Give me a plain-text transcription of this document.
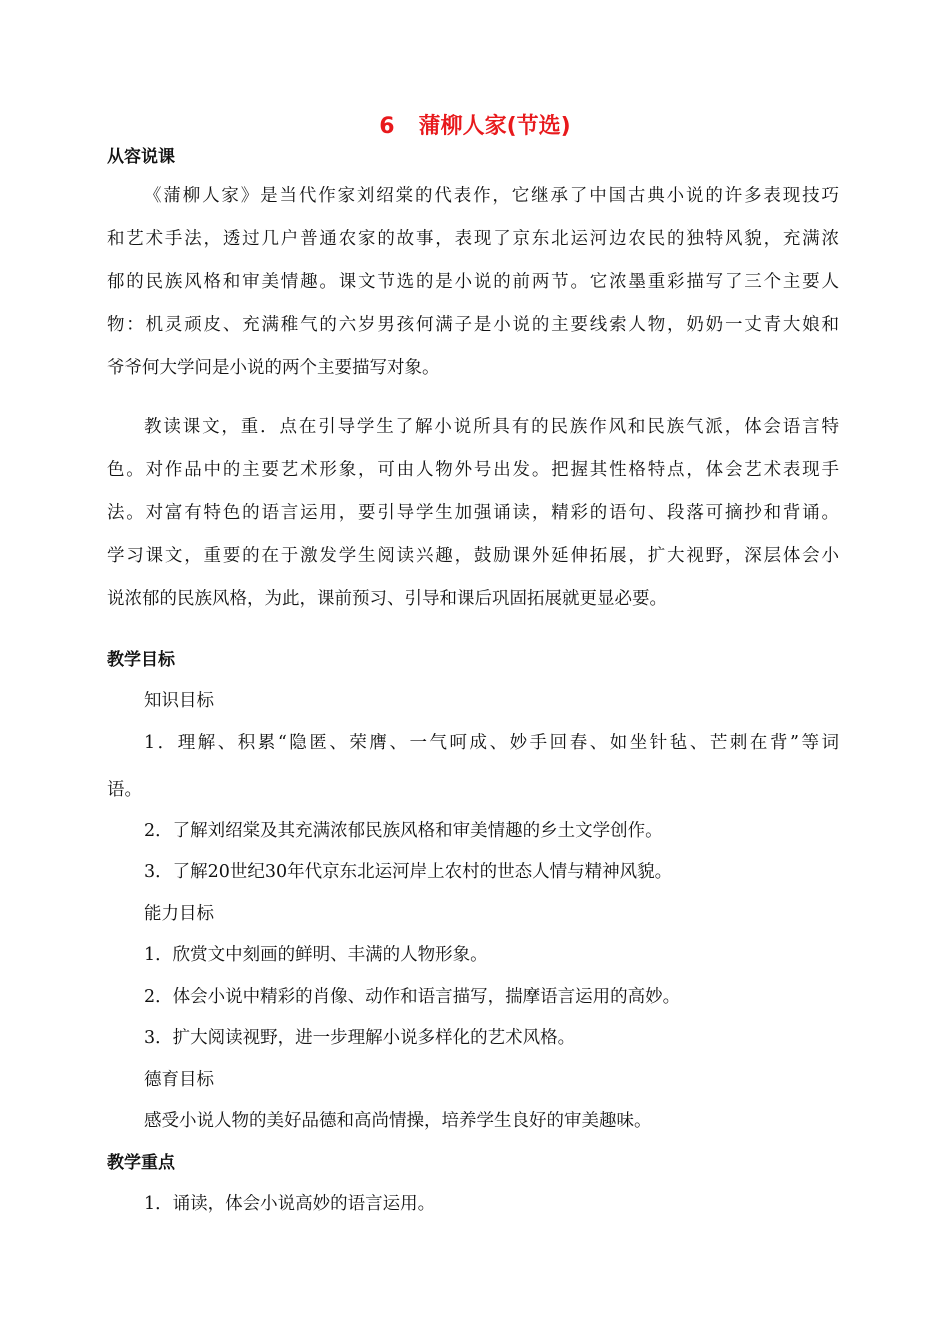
6 蒲柳人家(节选)
从容说课
《蒲柳人家》是当代作家刘绍棠的代表作，它继承了中国古典小说的许多表现技巧
和艺术手法，透过几户普通农家的故事，表现了京东北运河边农民的独特风貌，充满浓
郁的民族风格和审美情趣。课文节选的是小说的前两节。它浓墨重彩描写了三个主要人
物：机灵顽皮、充满稚气的六岁男孩何满子是小说的主要线索人物，奶奶一丈青大娘和
爷爷何大学问是小说的两个主要描写对象。
教读课文，重．点在引导学生了解小说所具有的民族作风和民族气派，体会语言特
色。对作品中的主要艺术形象，可由人物外号出发。把握其性格特点，体会艺术表现手
法。对富有特色的语言运用，要引导学生加强诵读，精彩的语句、段落可摘抄和背诵。
学习课文，重要的在于激发学生阅读兴趣，鼓励课外延伸拓展，扩大视野，深层体会小
说浓郁的民族风格，为此，课前预习、引导和课后巩固拓展就更显必要。
教学目标
知识目标
1．理解、积累“隐匿、荣膺、一气呵成、妙手回春、如坐针毡、芒刺在背”等词
语。
2．了解刘绍棠及其充满浓郁民族风格和审美情趣的乡土文学创作。
3．了解20世纪30年代京东北运河岸上农村的世态人情与精神风貌。
能力目标
1．欣赏文中刻画的鲜明、丰满的人物形象。
2．体会小说中精彩的肖像、动作和语言描写，揣摩语言运用的高妙。
3．扩大阅读视野，进一步理解小说多样化的艺术风格。
德育目标
感受小说人物的美好品德和高尚情操，培养学生良好的审美趣味。
教学重点
1．诵读，体会小说高妙的语言运用。
